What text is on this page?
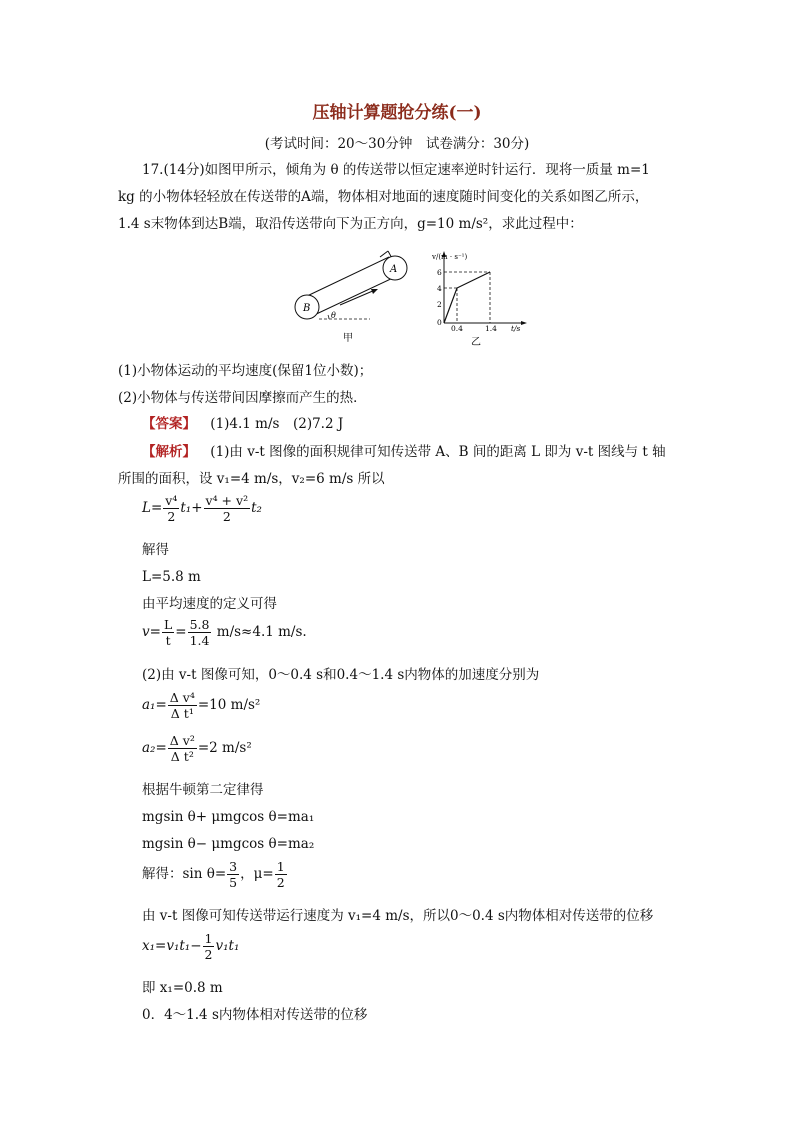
压轴计算题抢分练(一)
(考试时间：20～30分钟　试卷满分：30分)
17.(14分)如图甲所示，倾角为 θ 的传送带以恒定速率逆时针运行．现将一质量 m=1
kg 的小物体轻轻放在传送带的A端，物体相对地面的速度随时间变化的关系如图乙所示，
1.4 s末物体到达B端，取沿传送带向下为正方向，g=10 m/s²，求此过程中：
A
B
θ
甲
v/(m · s⁻¹)
t/s
6
4
2
0
0.4	1.4
乙
(1)小物体运动的平均速度(保留1位小数)；
(2)小物体与传送带间因摩擦而产生的热．
【答案】 (1)4.1 m/s　(2)7.2 J
【解析】 (1)由 v-t 图像的面积规律可知传送带 A、B 间的距离 L 即为 v-t 图线与 t 轴
所围的面积，设 v₁=4 m/s，v₂=6 m/s 所以
$L= \frac{\text{v⁴}}{2} t_1+ \frac{\text{v⁴ + v²}}{2} t_2$
解得
L=5.8 m
由平均速度的定义可得
$v= \frac{L}{t} = \frac{5.8}{1.4} m/s\approx 4.1$ m/s.
(2)由 v-t 图像可知，0～0.4 s和0.4～1.4 s内物体的加速度分别为
$a_1= \frac{\text{Δ v⁴}}{\text{Δ t¹}} =10$ m/s²
$a_2= \frac{\text{Δ v²}}{\text{Δ t²}} =2$ m/s²
根据牛顿第二定律得
mgsin θ+ μmgcos θ=ma₁
mgsin θ− μmgcos θ=ma₂
解得：$\sin \theta= \frac{3}{5}$ ，$\mu= \frac{1}{2}$
由 v-t 图像可知传送带运行速度为 v₁=4 m/s，所以0～0.4 s内物体相对传送带的位移
$x_1=v_1t_1- \frac{1}{2} v_1t_1$
即 x₁=0.8 m
0．4～1.4 s内物体相对传送带的位移
